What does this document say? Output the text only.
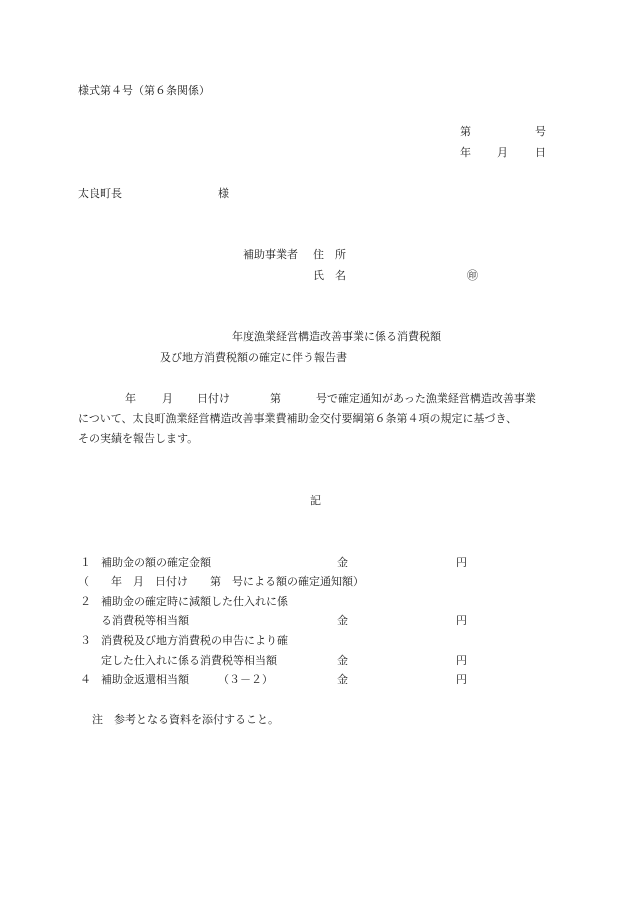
様式第４号（第６条関係）
第	号
年 月 日
太良町長	様
補助事業者 住　所
氏　名	㊞
年度漁業経営構造改善事業に係る消費税額
及び地方消費税額の確定に伴う報告書
年 月 日付け	第	号で確定通知があった漁業経営構造改善事業
について、太良町漁業経営構造改善事業費補助金交付要綱第６条第４項の規定に基づき、
その実績を報告します。
記
１ 補助金の額の確定金額	金	円
（　　年　月　日付け　　第　号による額の確定通知額）
２ 補助金の確定時に減額した仕入れに係
る消費税等相当額	金	円
３ 消費税及び地方消費税の申告により確
定した仕入れに係る消費税等相当額	金	円
４ 補助金返還相当額	（３－２）	金	円
注　参考となる資料を添付すること。
